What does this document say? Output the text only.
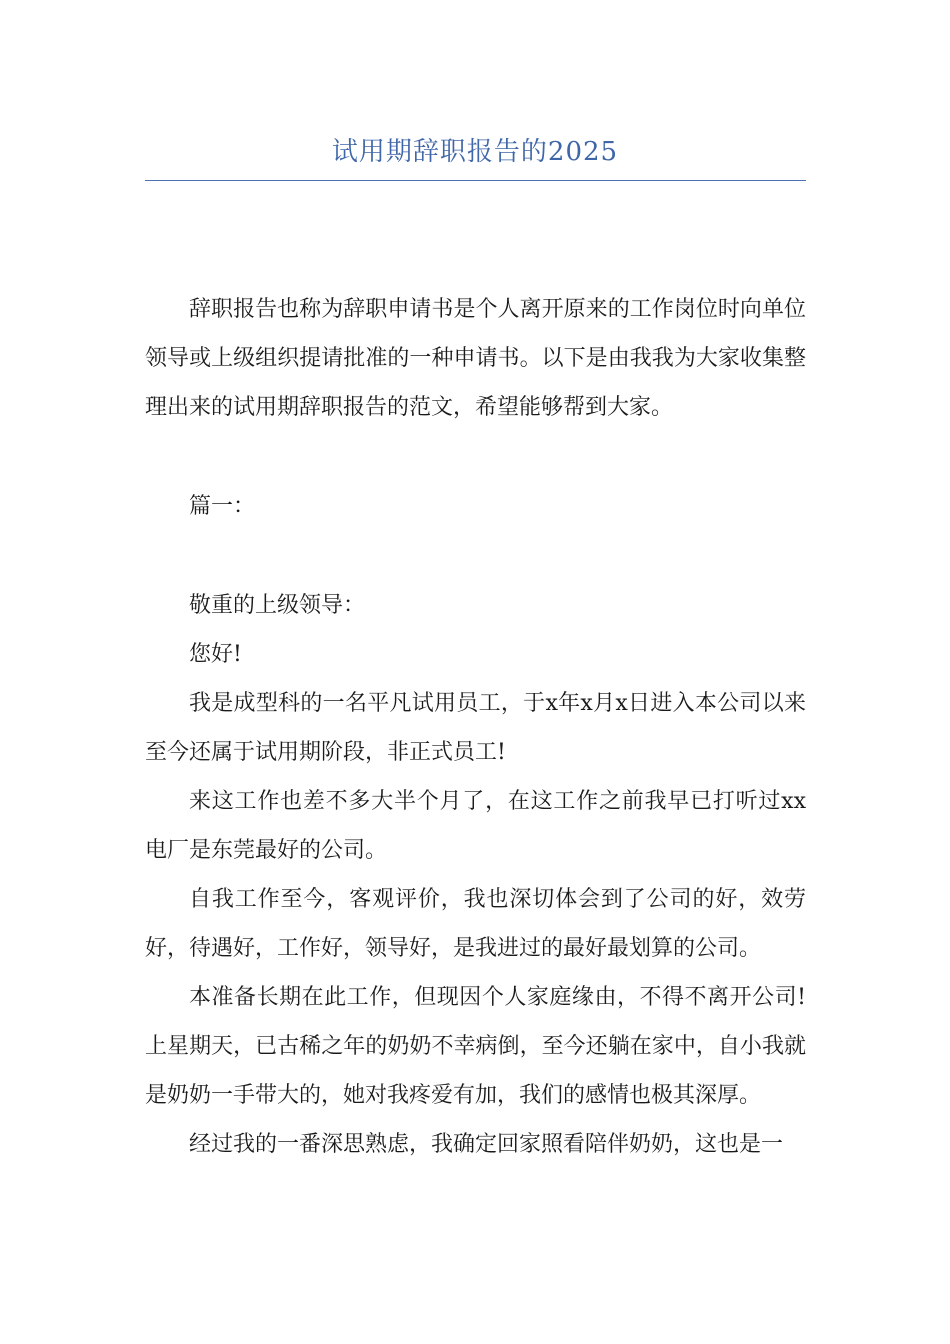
试用期辞职报告的2025

辞职报告也称为辞职申请书是个人离开原来的工作岗位时向单位领导或上级组织提请批准的一种申请书。以下是由我我为大家收集整理出来的试用期辞职报告的范文，希望能够帮到大家。

篇一：

敬重的上级领导：

您好!

我是成型科的一名平凡试用员工，于x年x月x日进入本公司以来至今还属于试用期阶段，非正式员工!

来这工作也差不多大半个月了，在这工作之前我早已打听过xx电厂是东莞最好的公司。

自我工作至今，客观评价，我也深切体会到了公司的好，效劳好，待遇好，工作好，领导好，是我进过的最好最划算的公司。

本准备长期在此工作，但现因个人家庭缘由，不得不离开公司!上星期天，已古稀之年的奶奶不幸病倒，至今还躺在家中，自小我就是奶奶一手带大的，她对我疼爱有加，我们的感情也极其深厚。

经过我的一番深思熟虑，我确定回家照看陪伴奶奶，这也是一
